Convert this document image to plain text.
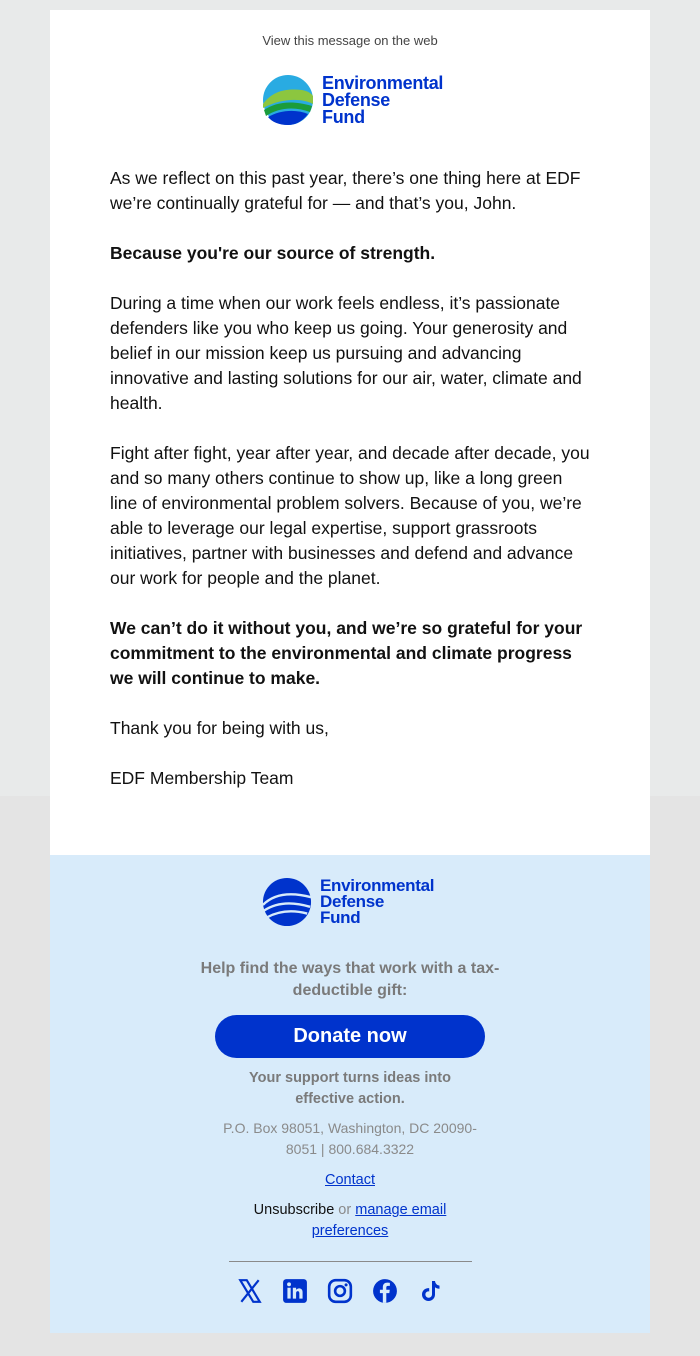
View this message on the web
Environmental
Defense
Fund

As we reflect on this past year, there’s one thing here at EDF we’re continually grateful for — and that’s you, John.

Because you're our source of strength.

During a time when our work feels endless, it’s passionate defenders like you who keep us going. Your generosity and belief in our mission keep us pursuing and advancing innovative and lasting solutions for our air, water, climate and health.

Fight after fight, year after year, and decade after decade, you and so many others continue to show up, like a long green line of environmental problem solvers. Because of you, we’re able to leverage our legal expertise, support grassroots initiatives, partner with businesses and defend and advance our work for people and the planet.

We can’t do it without you, and we’re so grateful for your commitment to the environmental and climate progress we will continue to make.

Thank you for being with us,

EDF Membership Team

Environmental
Defense
Fund
Help find the ways that work with a tax-deductible gift:
Donate now
Your support turns ideas into effective action.
P.O. Box 98051, Washington, DC 20090-8051 | 800.684.3322
Contact
Unsubscribe or manage email preferences
